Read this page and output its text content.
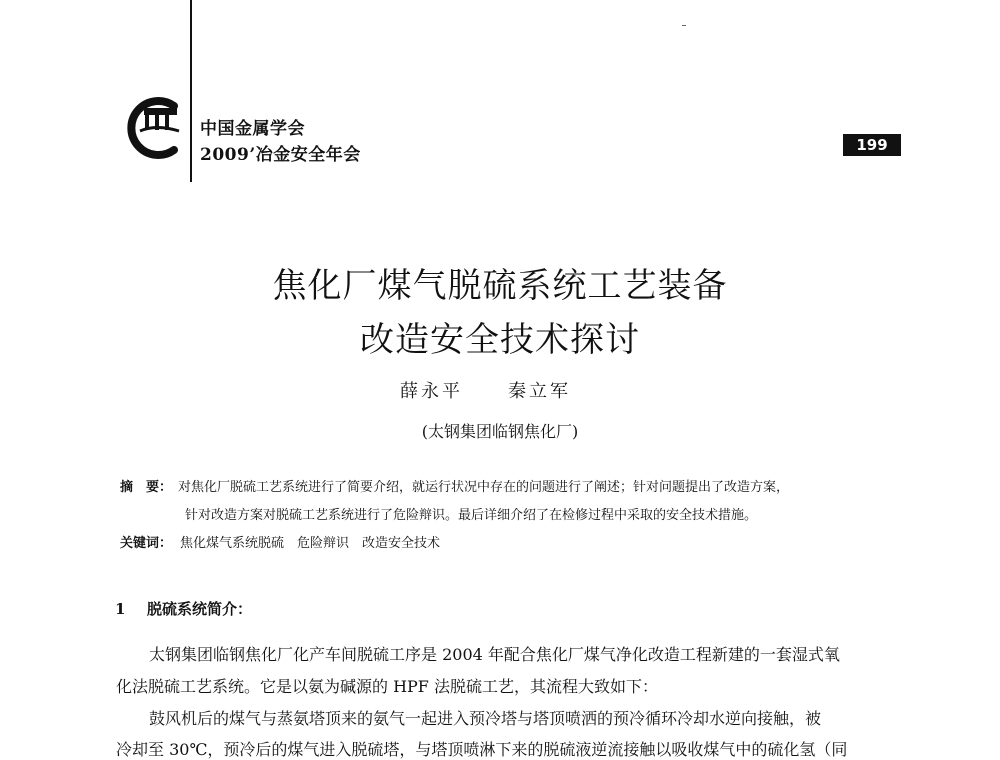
中国金属学会
2009’冶金安全年会	199
焦化厂煤气脱硫系统工艺装备
改造安全技术探讨
薛永平	秦立军
(太钢集团临钢焦化厂)
摘　要： 对焦化厂脱硫工艺系统进行了简要介绍，就运行状况中存在的问题进行了阐述；针对问题提出了改造方案，
针对改造方案对脱硫工艺系统进行了危险辩识。最后详细介绍了在检修过程中采取的安全技术措施。
关键词： 焦化煤气系统脱硫　危险辩识　改造安全技术
1 脱硫系统简介：
太钢集团临钢焦化厂化产车间脱硫工序是 2004 年配合焦化厂煤气净化改造工程新建的一套湿式氧
化法脱硫工艺系统。它是以氨为碱源的 HPF 法脱硫工艺，其流程大致如下：
鼓风机后的煤气与蒸氨塔顶来的氨气一起进入预冷塔与塔顶喷洒的预冷循环冷却水逆向接触，被
冷却至 30℃，预冷后的煤气进入脱硫塔，与塔顶喷淋下来的脱硫液逆流接触以吸收煤气中的硫化氢（同
